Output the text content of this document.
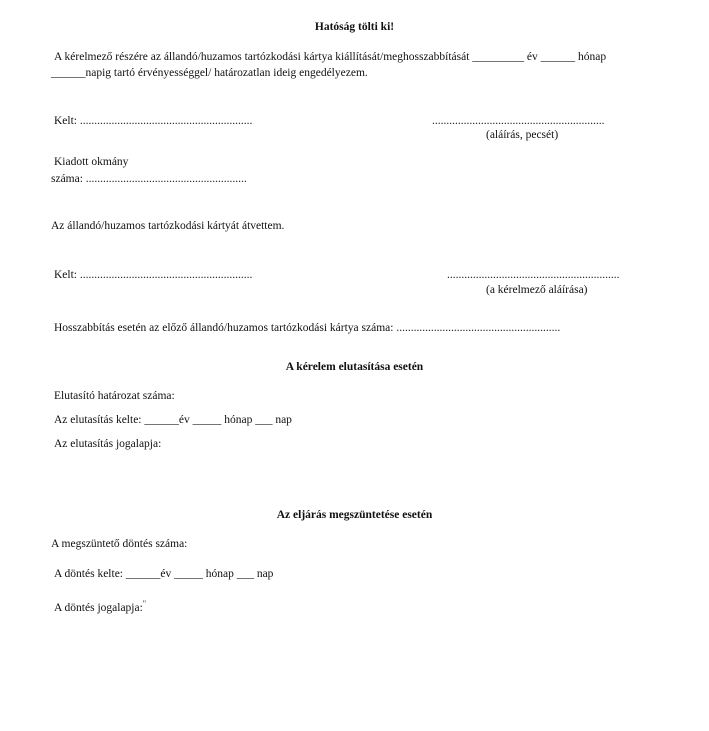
Hatóság tölti ki!
A kérelmező részére az állandó/huzamos tartózkodási kártya kiállítását/meghosszabbítását _________ év ______ hónap
______napig tartó érvényességgel/ határozatlan ideig engedélyezem.
Kelt: ............................................................	............................................................
(aláírás, pecsét)
Kiadott okmány
száma: ........................................................
Az állandó/huzamos tartózkodási kártyát átvettem.
Kelt: ............................................................	............................................................
(a kérelmező aláírása)
Hosszabbítás esetén az előző állandó/huzamos tartózkodási kártya száma: .........................................................
A kérelem elutasítása esetén
Elutasító határozat száma:
Az elutasítás kelte: ______év _____ hónap ___ nap
Az elutasítás jogalapja:
Az eljárás megszüntetése esetén
A megszüntető döntés száma:
A döntés kelte: ______év _____ hónap ___ nap
A döntés jogalapja:"
